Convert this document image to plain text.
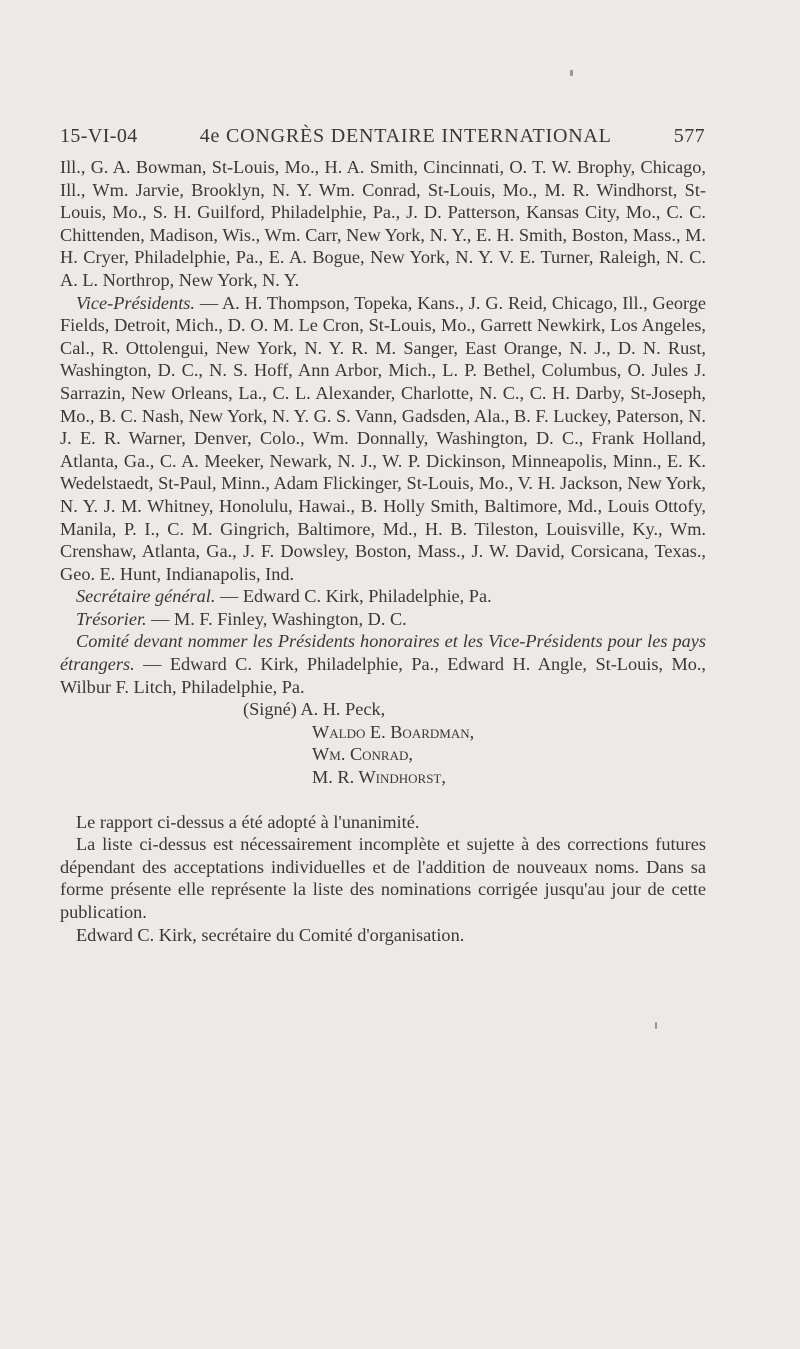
15-VI-04	4e CONGRÈS DENTAIRE INTERNATIONAL	577

Ill., G. A. Bowman, St-Louis, Mo., H. A. Smith, Cincinnati, O. T. W. Brophy, Chicago, Ill., Wm. Jarvie, Brooklyn, N. Y. Wm. Conrad, St-Louis, Mo., M. R. Windhorst, St-Louis, Mo., S. H. Guilford, Philadelphie, Pa., J. D. Patterson, Kansas City, Mo., C. C. Chittenden, Madison, Wis., Wm. Carr, New York, N. Y., E. H. Smith, Boston, Mass., M. H. Cryer, Philadelphie, Pa., E. A. Bogue, New York, N. Y. V. E. Turner, Raleigh, N. C. A. L. Northrop, New York, N. Y.

Vice-Présidents. — A. H. Thompson, Topeka, Kans., J. G. Reid, Chicago, Ill., George Fields, Detroit, Mich., D. O. M. Le Cron, St-Louis, Mo., Garrett Newkirk, Los Angeles, Cal., R. Ottolengui, New York, N. Y. R. M. Sanger, East Orange, N. J., D. N. Rust, Washington, D. C., N. S. Hoff, Ann Arbor, Mich., L. P. Bethel, Columbus, O. Jules J. Sarrazin, New Orleans, La., C. L. Alexander, Charlotte, N. C., C. H. Darby, St-Joseph, Mo., B. C. Nash, New York, N. Y. G. S. Vann, Gadsden, Ala., B. F. Luckey, Paterson, N. J. E. R. Warner, Denver, Colo., Wm. Donnally, Washington, D. C., Frank Holland, Atlanta, Ga., C. A. Meeker, Newark, N. J., W. P. Dickinson, Minneapolis, Minn., E. K. Wedelstaedt, St-Paul, Minn., Adam Flickinger, St-Louis, Mo., V. H. Jackson, New York, N. Y. J. M. Whitney, Honolulu, Hawai., B. Holly Smith, Baltimore, Md., Louis Ottofy, Manila, P. I., C. M. Gingrich, Baltimore, Md., H. B. Tileston, Louisville, Ky., Wm. Crenshaw, Atlanta, Ga., J. F. Dowsley, Boston, Mass., J. W. David, Corsicana, Texas., Geo. E. Hunt, Indianapolis, Ind.

Secrétaire général. — Edward C. Kirk, Philadelphie, Pa.

Trésorier. — M. F. Finley, Washington, D. C.

Comité devant nommer les Présidents honoraires et les Vice-Présidents pour les pays étrangers. — Edward C. Kirk, Philadelphie, Pa., Edward H. Angle, St-Louis, Mo., Wilbur F. Litch, Philadelphie, Pa.

(Signé) A. H. Peck,

Waldo E. Boardman,

Wm. Conrad,

M. R. Windhorst,

Le rapport ci-dessus a été adopté à l'unanimité.

La liste ci-dessus est nécessairement incomplète et sujette à des corrections futures dépendant des acceptations individuelles et de l'addition de nouveaux noms. Dans sa forme présente elle représente la liste des nominations corrigée jusqu'au jour de cette publication.

Edward C. Kirk, secrétaire du Comité d'organisation.
